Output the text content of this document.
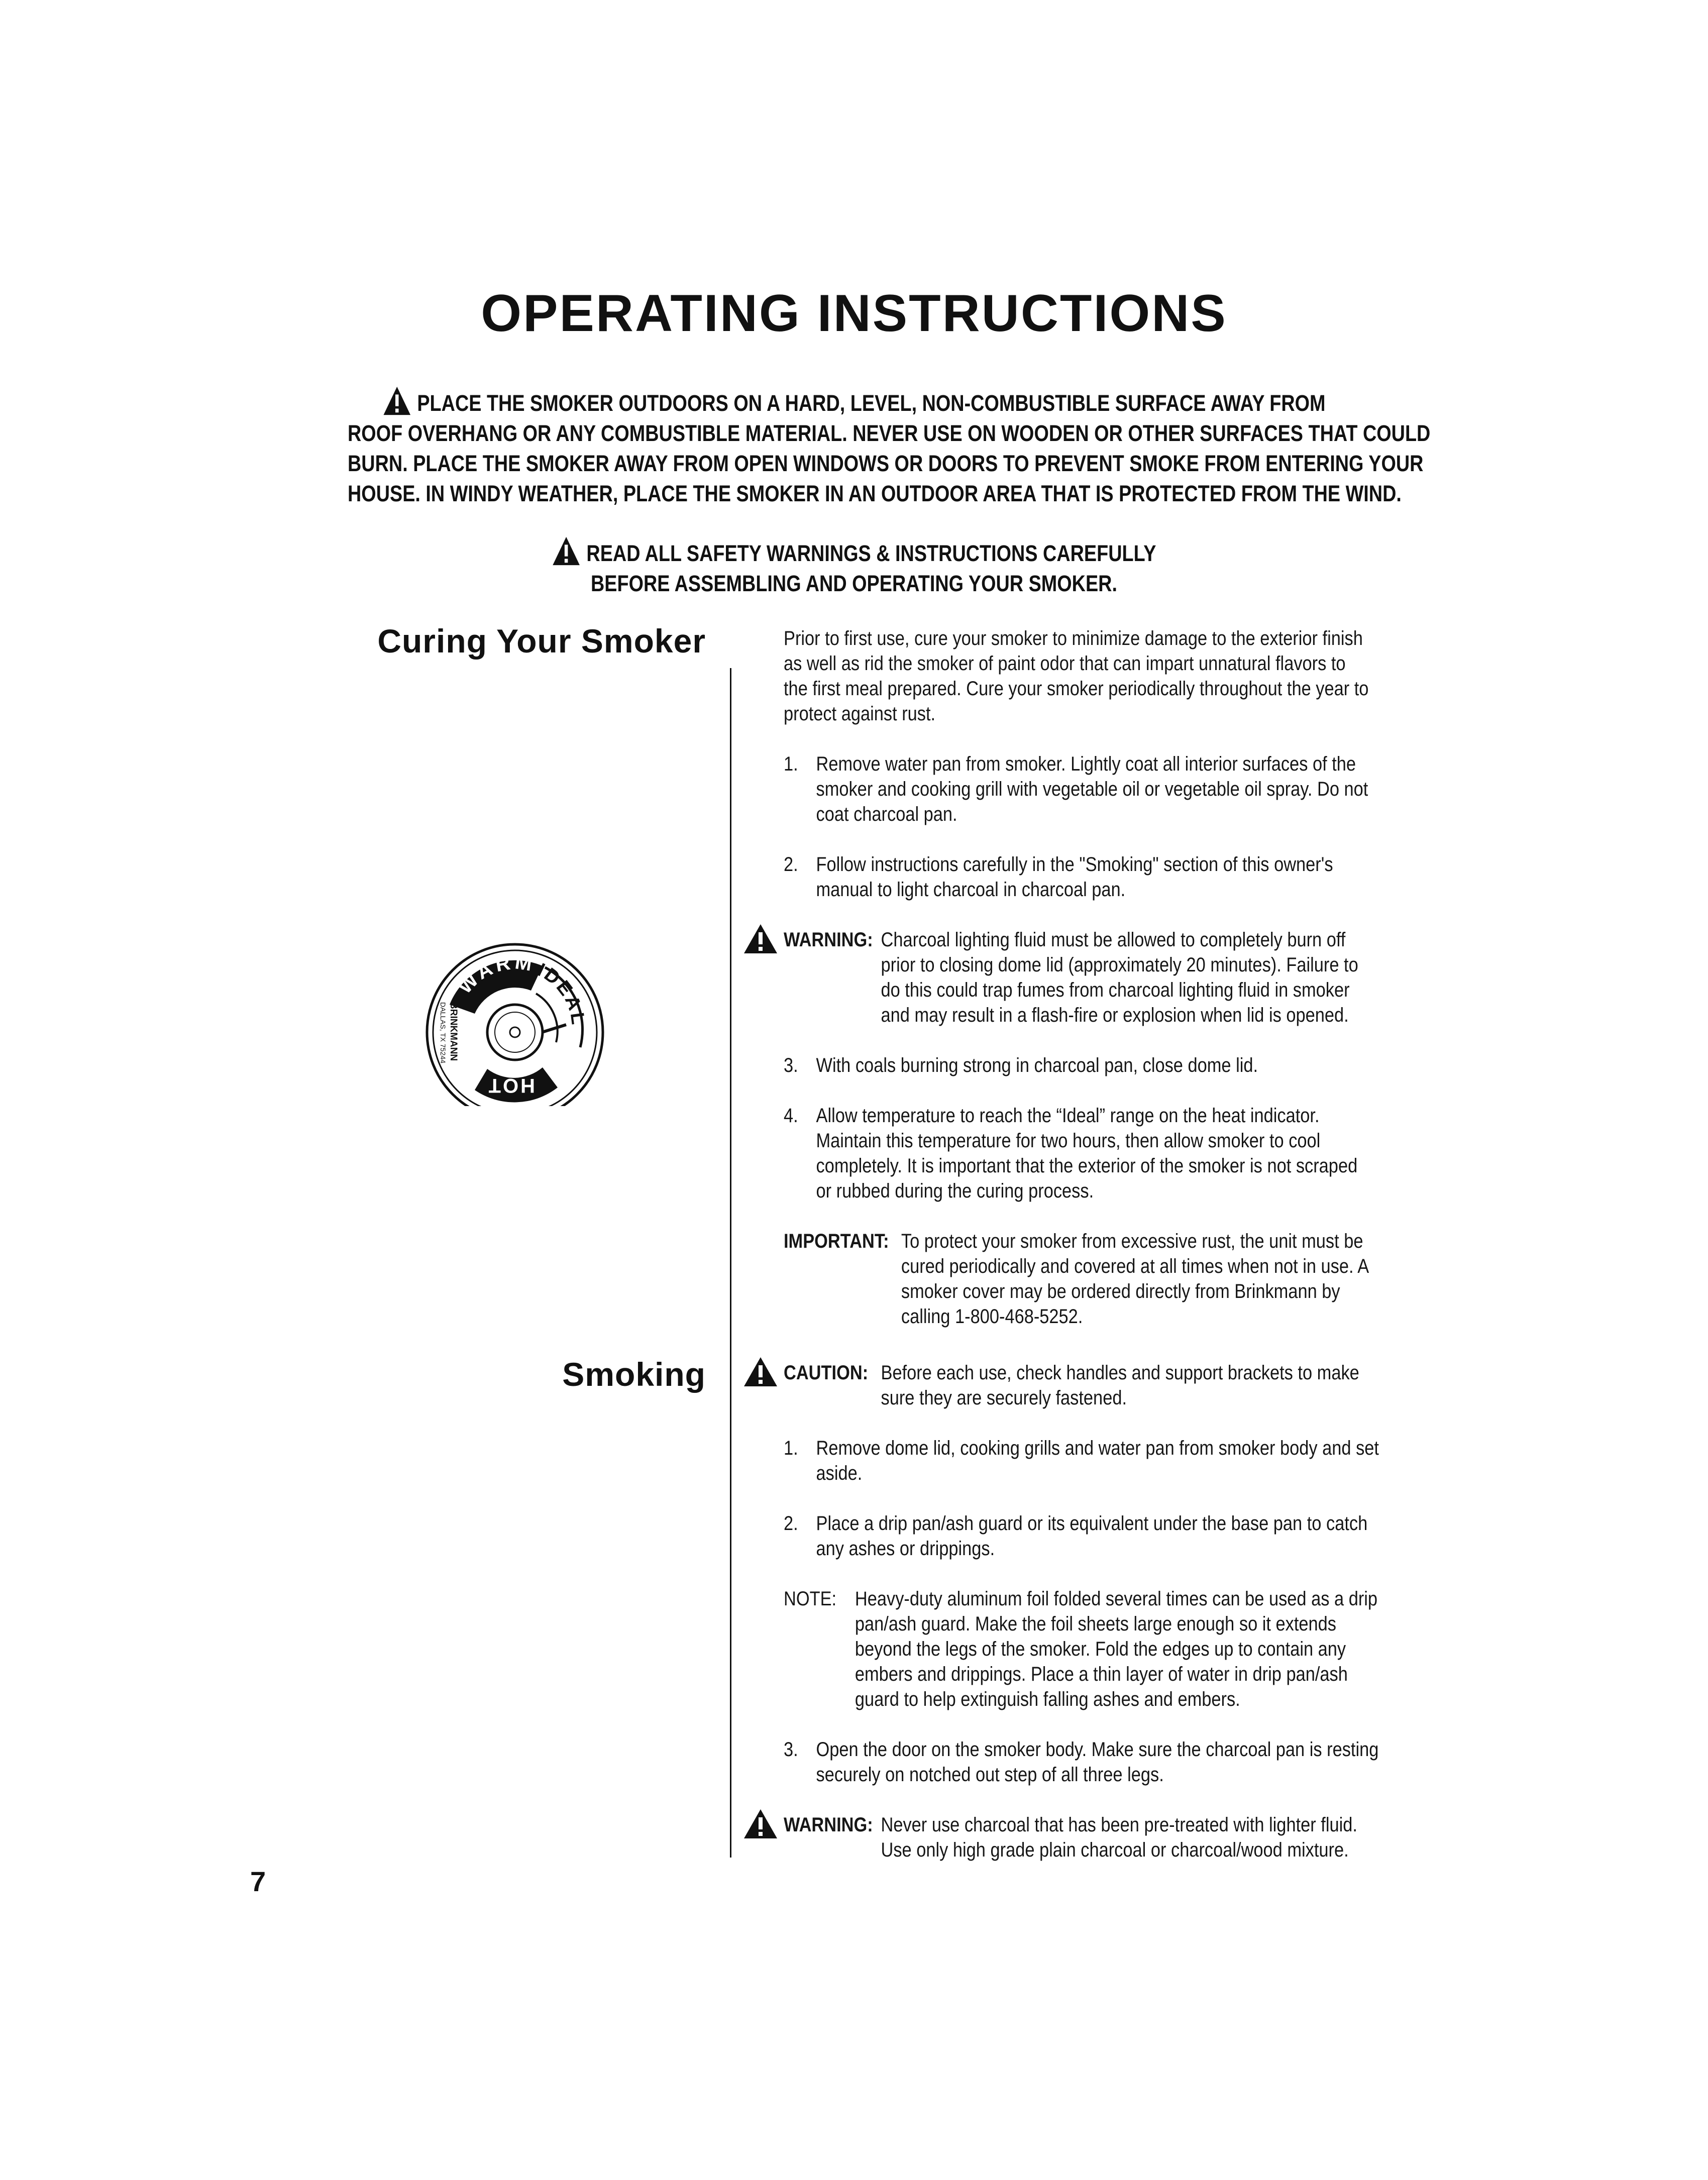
OPERATING INSTRUCTIONS
PLACE THE SMOKER OUTDOORS ON A HARD, LEVEL, NON-COMBUSTIBLE SURFACE AWAY FROM
ROOF OVERHANG OR ANY COMBUSTIBLE MATERIAL. NEVER USE ON WOODEN OR OTHER SURFACES THAT COULD
BURN. PLACE THE SMOKER AWAY FROM OPEN WINDOWS OR DOORS TO PREVENT SMOKE FROM ENTERING YOUR
HOUSE. IN WINDY WEATHER, PLACE THE SMOKER IN AN OUTDOOR AREA THAT IS PROTECTED FROM THE WIND.
READ ALL SAFETY WARNINGS & INSTRUCTIONS CAREFULLY
BEFORE ASSEMBLING AND OPERATING YOUR SMOKER.
Curing Your Smoker
Smoking
WARM
IDEAL
HOT
BRINKMANN
DALLAS, TX 75244
Prior to first use, cure your smoker to minimize damage to the exterior finish
as well as rid the smoker of paint odor that can impart unnatural flavors to
the first meal prepared. Cure your smoker periodically throughout the year to
protect against rust.
1. Remove water pan from smoker. Lightly coat all interior surfaces of the
smoker and cooking grill with vegetable oil or vegetable oil spray. Do not
coat charcoal pan.
2. Follow instructions carefully in the "Smoking" section of this owner's
manual to light charcoal in charcoal pan.
WARNING: Charcoal lighting fluid must be allowed to completely burn off
prior to closing dome lid (approximately 20 minutes). Failure to
do this could trap fumes from charcoal lighting fluid in smoker
and may result in a flash-fire or explosion when lid is opened.
3. With coals burning strong in charcoal pan, close dome lid.
4. Allow temperature to reach the “Ideal” range on the heat indicator.
Maintain this temperature for two hours, then allow smoker to cool
completely. It is important that the exterior of the smoker is not scraped
or rubbed during the curing process.
IMPORTANT: To protect your smoker from excessive rust, the unit must be
cured periodically and covered at all times when not in use. A
smoker cover may be ordered directly from Brinkmann by
calling 1-800-468-5252.
CAUTION: Before each use, check handles and support brackets to make
sure they are securely fastened.
1. Remove dome lid, cooking grills and water pan from smoker body and set
aside.
2. Place a drip pan/ash guard or its equivalent under the base pan to catch
any ashes or drippings.
NOTE: Heavy-duty aluminum foil folded several times can be used as a drip
pan/ash guard. Make the foil sheets large enough so it extends
beyond the legs of the smoker. Fold the edges up to contain any
embers and drippings. Place a thin layer of water in drip pan/ash
guard to help extinguish falling ashes and embers.
3. Open the door on the smoker body. Make sure the charcoal pan is resting
securely on notched out step of all three legs.
WARNING: Never use charcoal that has been pre-treated with lighter fluid.
Use only high grade plain charcoal or charcoal/wood mixture.
7
